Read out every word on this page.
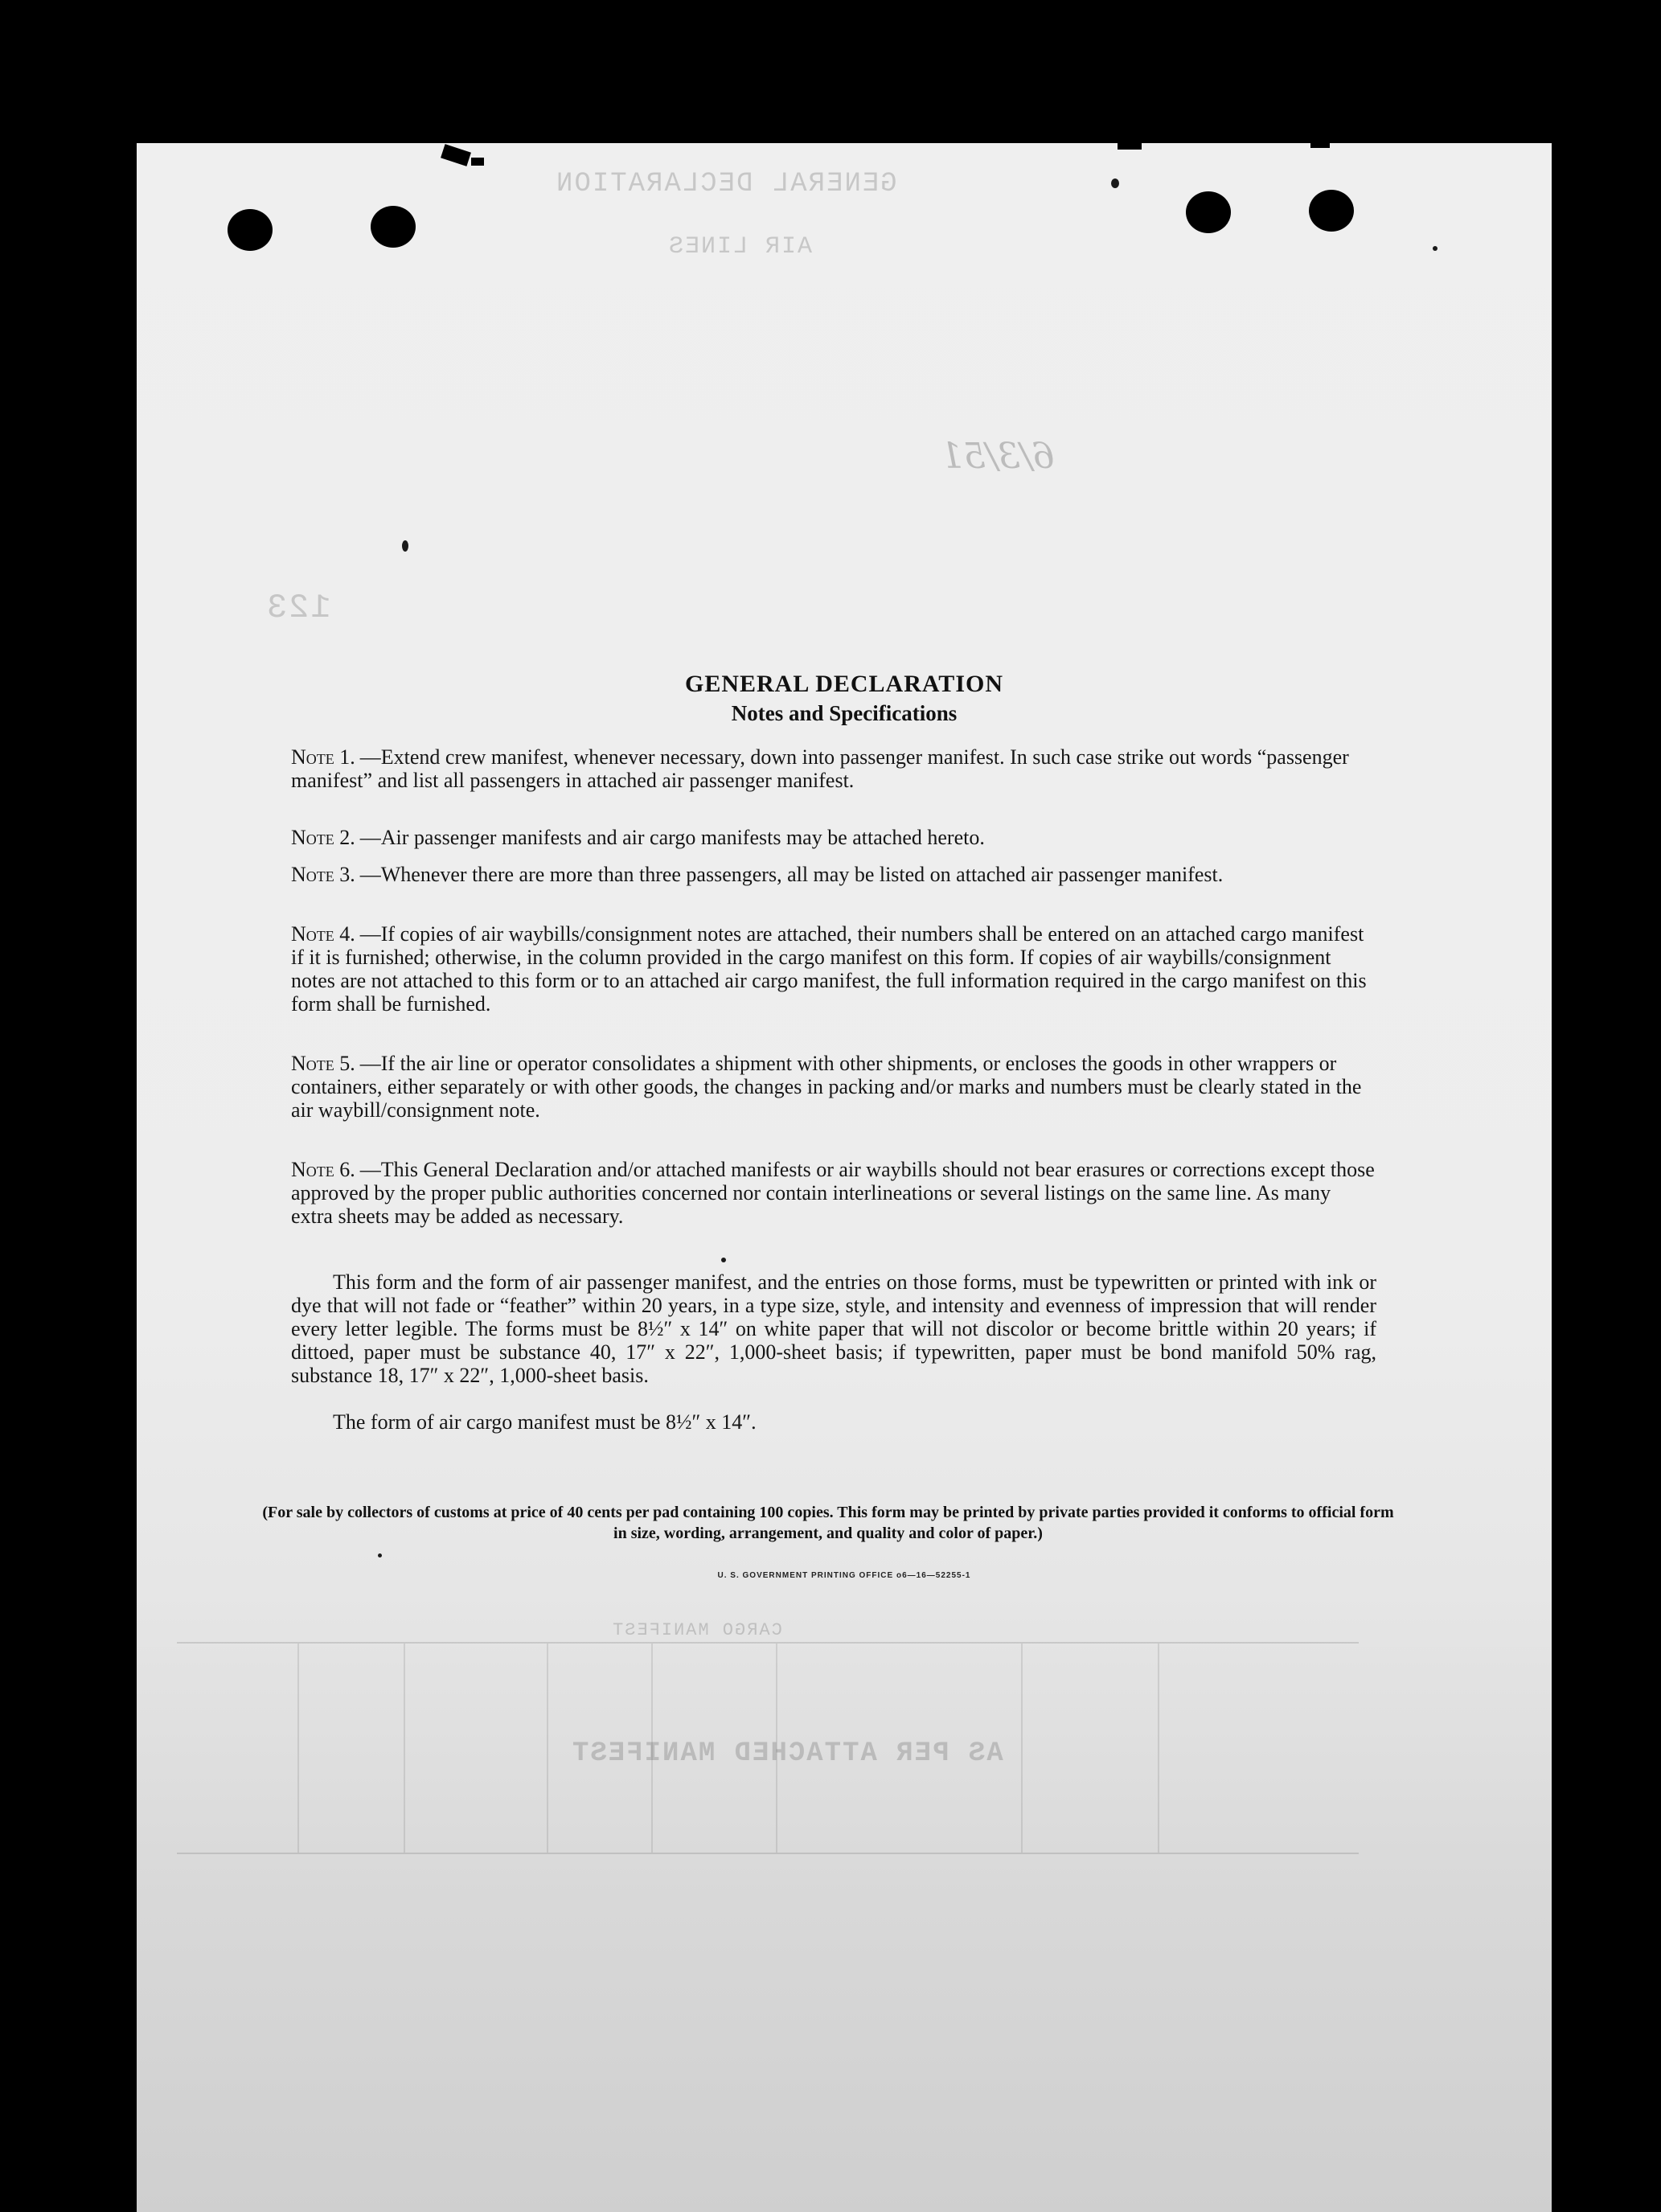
GENERAL DECLARATION
AIR LINES
6/3/51
123
CARGO MANIFEST
AS PER ATTACHED MANIFEST
GENERAL DECLARATION
Notes and Specifications
Note 1. —Extend crew manifest, whenever necessary, down into passenger manifest. In such case strike out words “passenger manifest” and list all passengers in attached air passenger manifest.
Note 2. —Air passenger manifests and air cargo manifests may be attached hereto.
Note 3. —Whenever there are more than three passengers, all may be listed on attached air passenger manifest.
Note 4. —If copies of air waybills/consignment notes are attached, their numbers shall be entered on an attached cargo manifest if it is furnished; otherwise, in the column provided in the cargo manifest on this form. If copies of air waybills/consignment notes are not attached to this form or to an attached air cargo manifest, the full information required in the cargo manifest on this form shall be furnished.
Note 5. —If the air line or operator consolidates a shipment with other shipments, or encloses the goods in other wrappers or containers, either separately or with other goods, the changes in packing and/or marks and numbers must be clearly stated in the air waybill/consignment note.
Note 6. —This General Declaration and/or attached manifests or air waybills should not bear erasures or corrections except those approved by the proper public authorities concerned nor contain interlineations or several listings on the same line. As many extra sheets may be added as necessary.
This form and the form of air passenger manifest, and the entries on those forms, must be typewritten or printed with ink or dye that will not fade or “feather” within 20 years, in a type size, style, and intensity and evenness of impression that will render every letter legible. The forms must be 8½″ x 14″ on white paper that will not discolor or become brittle within 20 years; if dittoed, paper must be substance 40, 17″ x 22″, 1,000-sheet basis; if typewritten, paper must be bond manifold 50% rag, substance 18, 17″ x 22″, 1,000-sheet basis.
The form of air cargo manifest must be 8½″ x 14″.
(For sale by collectors of customs at price of 40 cents per pad containing 100 copies. This form may be printed by private parties provided it conforms to official form in size, wording, arrangement, and quality and color of paper.)
U. S. GOVERNMENT PRINTING OFFICE o6—16—52255-1
